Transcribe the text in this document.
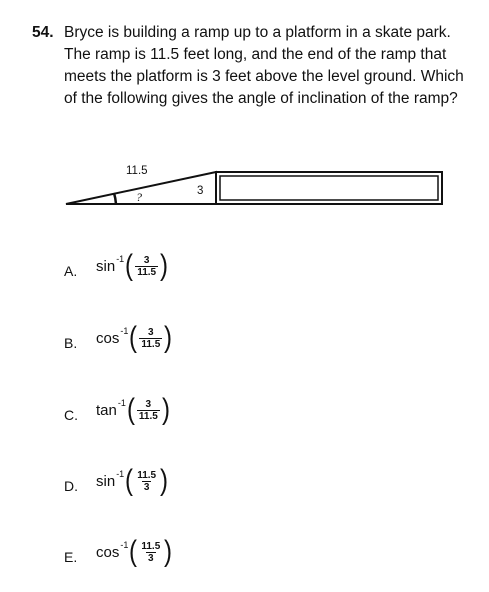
54. Bryce is building a ramp up to a platform in a skate park. The ramp is 11.5 feet long, and the end of the ramp that meets the platform is 3 feet above the level ground. Which of the following gives the angle of inclination of the ramp?
11.5
?	3
A. sin -1 ( $\frac{3}{11.5}$ )
B. cos -1 ( $\frac{3}{11.5}$ )
C. tan -1 ( $\frac{3}{11.5}$ )
D. sin -1 ( $\frac{11.5}{3}$ )
E. cos -1 ( $\frac{11.5}{3}$ )
